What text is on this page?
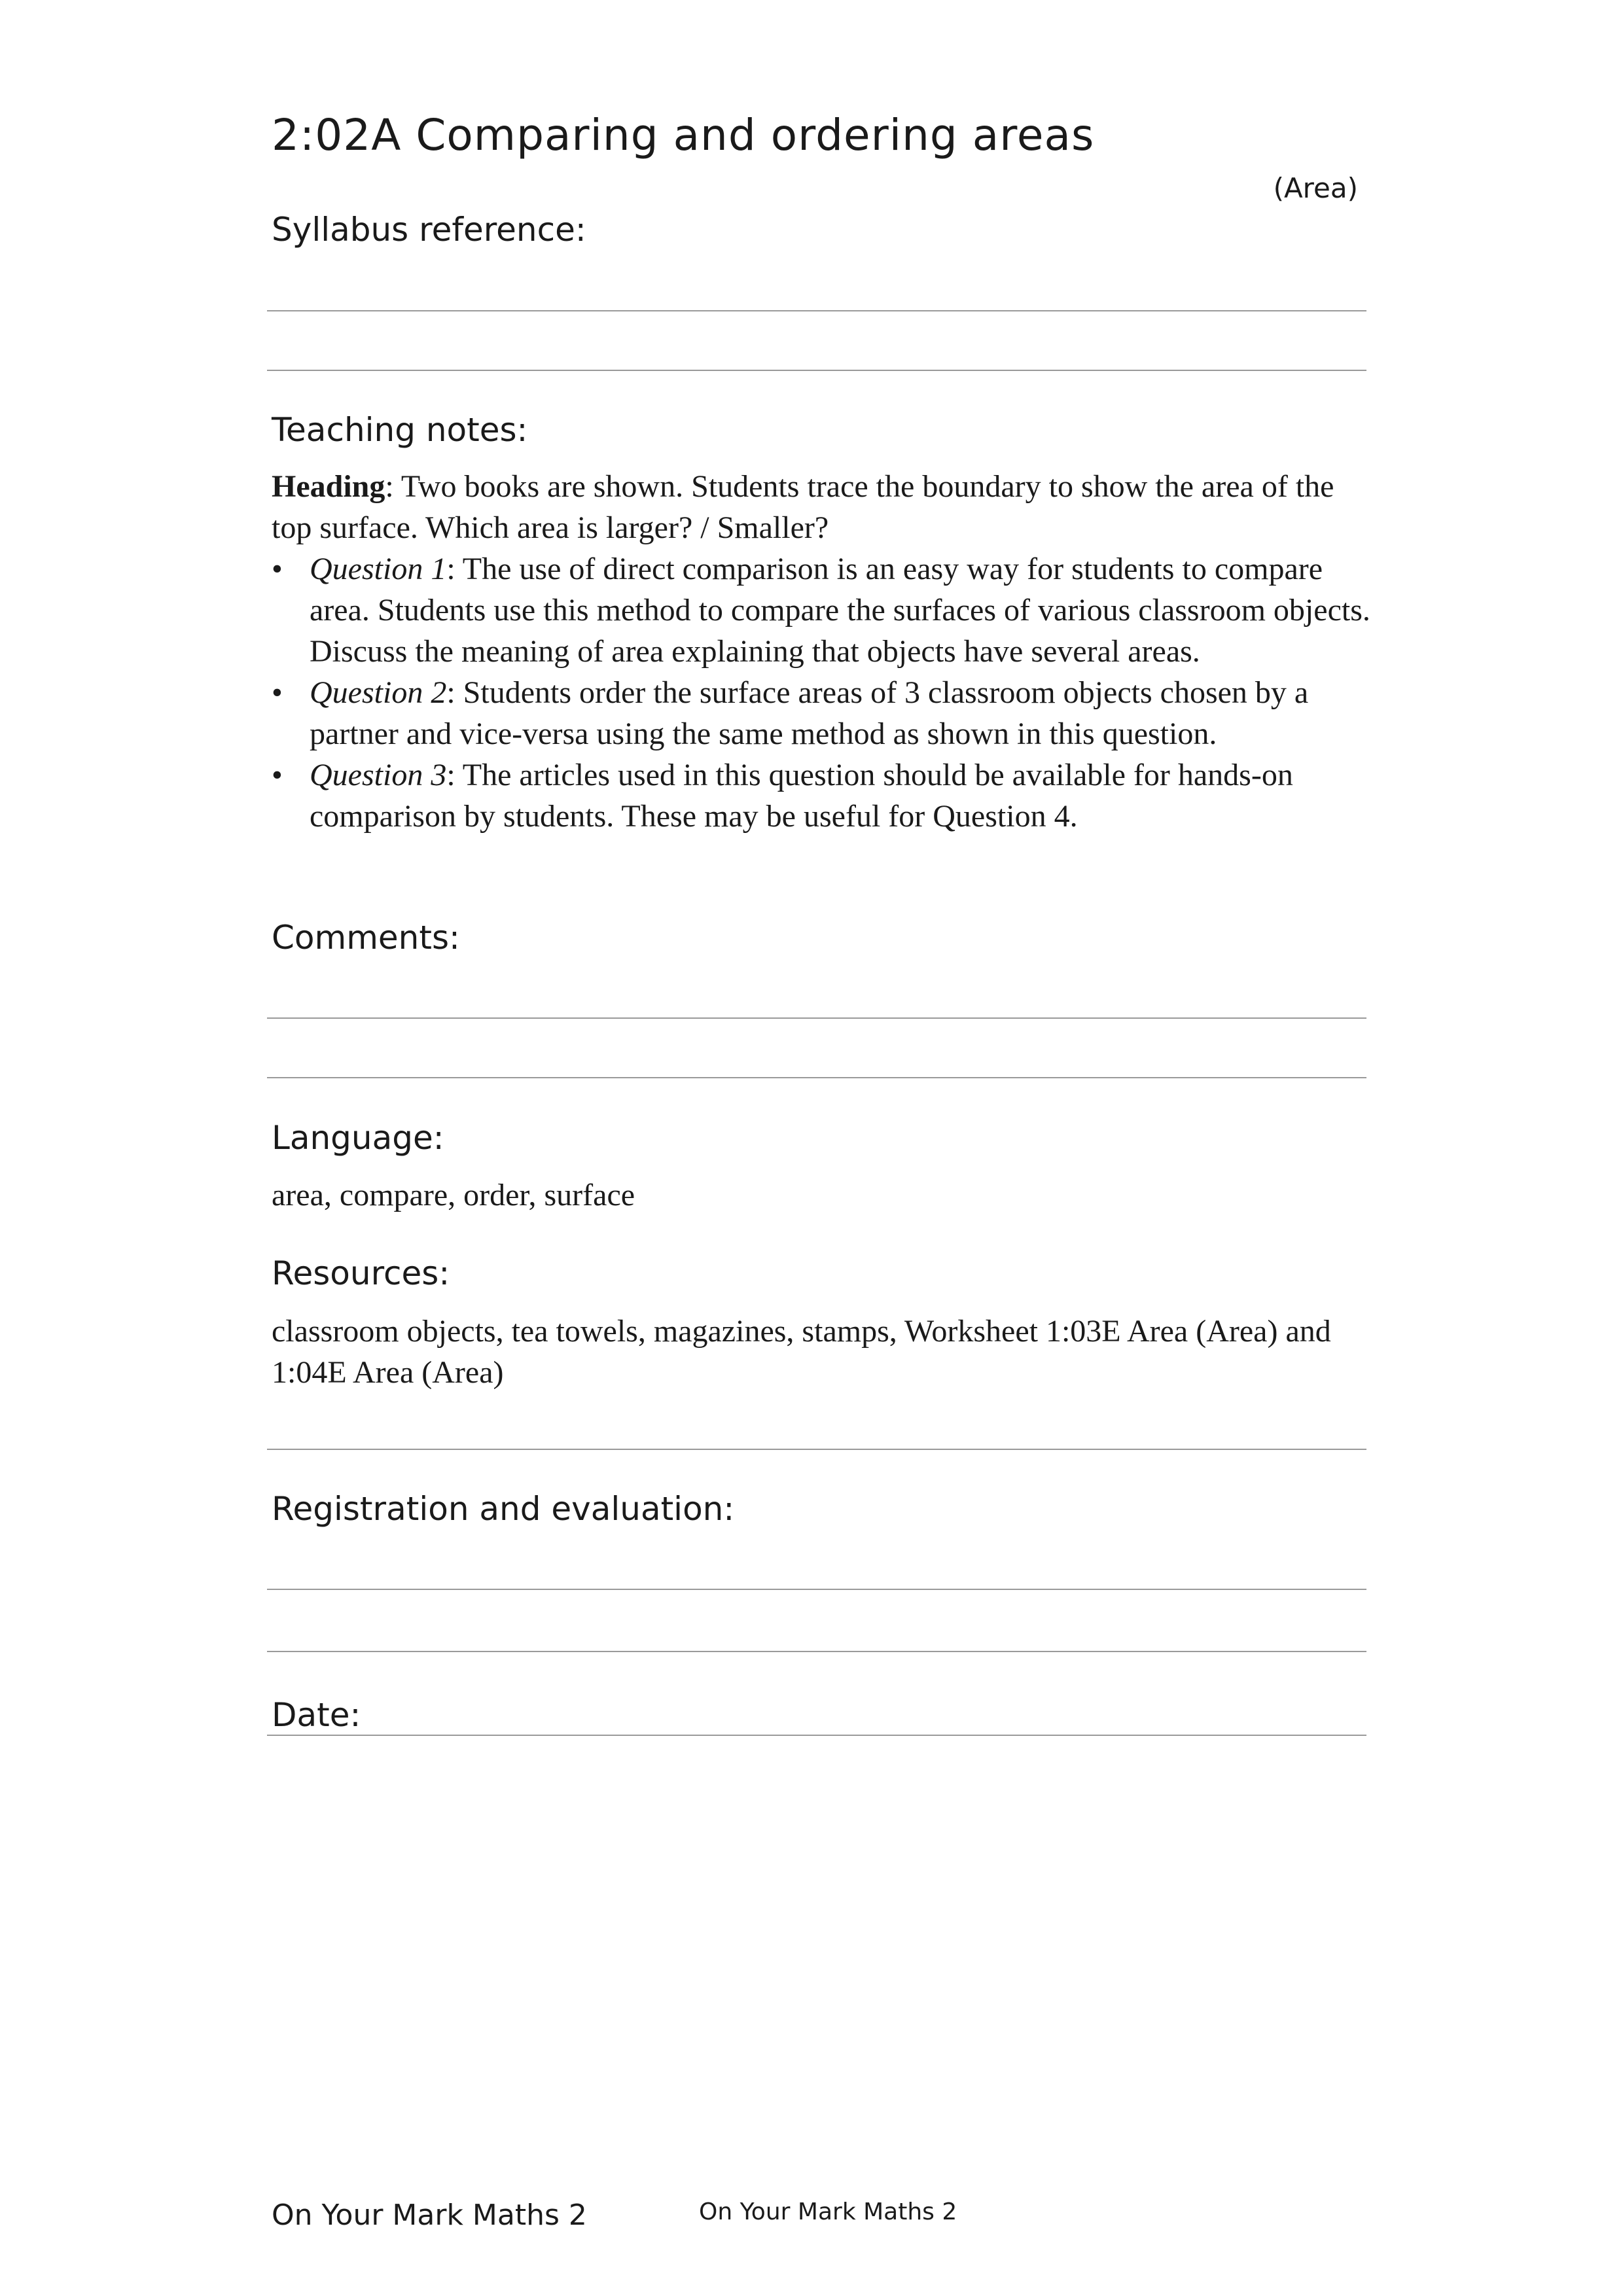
2:02A Comparing and ordering areas
(Area)
Syllabus reference:
Teaching notes:

Heading: Two books are shown. Students trace the boundary to show the area of the top surface. Which area is larger? / Smaller?

• Question 1: The use of direct comparison is an easy way for students to compare area. Students use this method to compare the surfaces of various classroom objects. Discuss the meaning of area explaining that objects have several areas.
• Question 2: Students order the surface areas of 3 classroom objects chosen by a partner and vice-versa using the same method as shown in this question.
• Question 3: The articles used in this question should be available for hands-on comparison by students. These may be useful for Question 4.
Comments:
Language:
area, compare, order, surface
Resources:
classroom objects, tea towels, magazines, stamps, Worksheet 1:03E Area (Area) and 1:04E Area (Area)
Registration and evaluation:
Date:
On Your Mark Maths 2	On Your Mark Maths 2
